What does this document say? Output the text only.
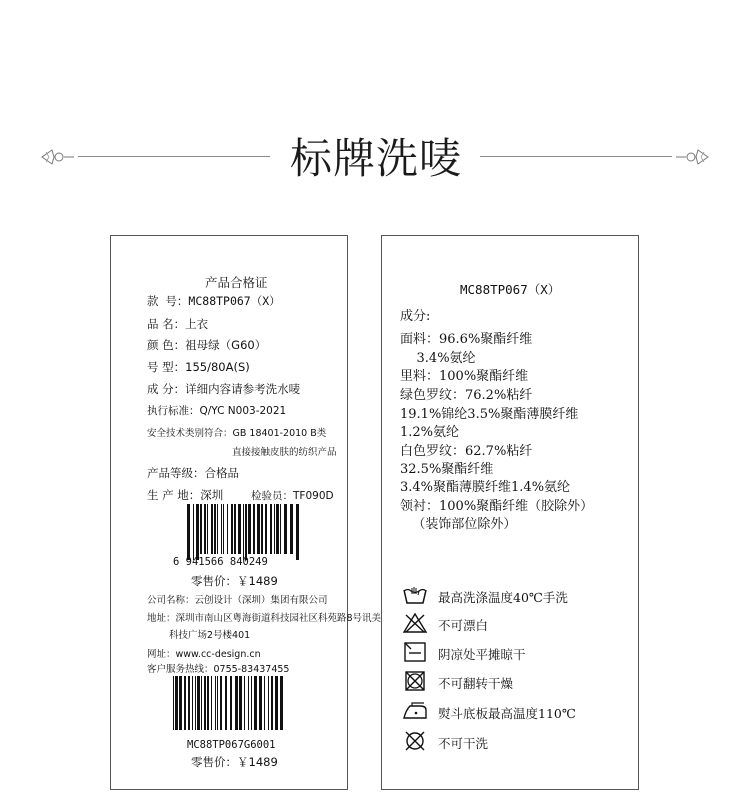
标牌洗唛
产品合格证
款 号：MC88TP067（X）
品 名：上衣
颜 色：祖母绿（G60）
号 型：155/80A(S)
成 分：详细内容请参考洗水唛
执行标准：Q/YC N003-2021
安全技术类别符合：GB 18401-2010 B类
直接接触皮肤的纺织产品
产品等级：合格品
生 产 地：深圳	检验员：TF090D
6 941566 840249
零售价：￥1489
公司名称：云创设计（深圳）集团有限公司
地址：深圳市南山区粤海街道科技园社区科苑路8号讯美
科技广场2号楼401
网址：www.cc-design.cn
客户服务热线：0755-83437455
MC88TP067G6001
零售价：￥1489
MC88TP067（X）
成分:
面料：96.6%聚酯纤维
3.4%氨纶
里料：100%聚酯纤维
绿色罗纹：76.2%粘纤
19.1%锦纶3.5%聚酯薄膜纤维
1.2%氨纶
白色罗纹：62.7%粘纤
32.5%聚酯纤维
3.4%聚酯薄膜纤维1.4%氨纶
领衬：100%聚酯纤维（胶除外）
（装饰部位除外）
最高洗涤温度40℃手洗
不可漂白
阴凉处平摊晾干
不可翻转干燥
熨斗底板最高温度110℃
不可干洗
